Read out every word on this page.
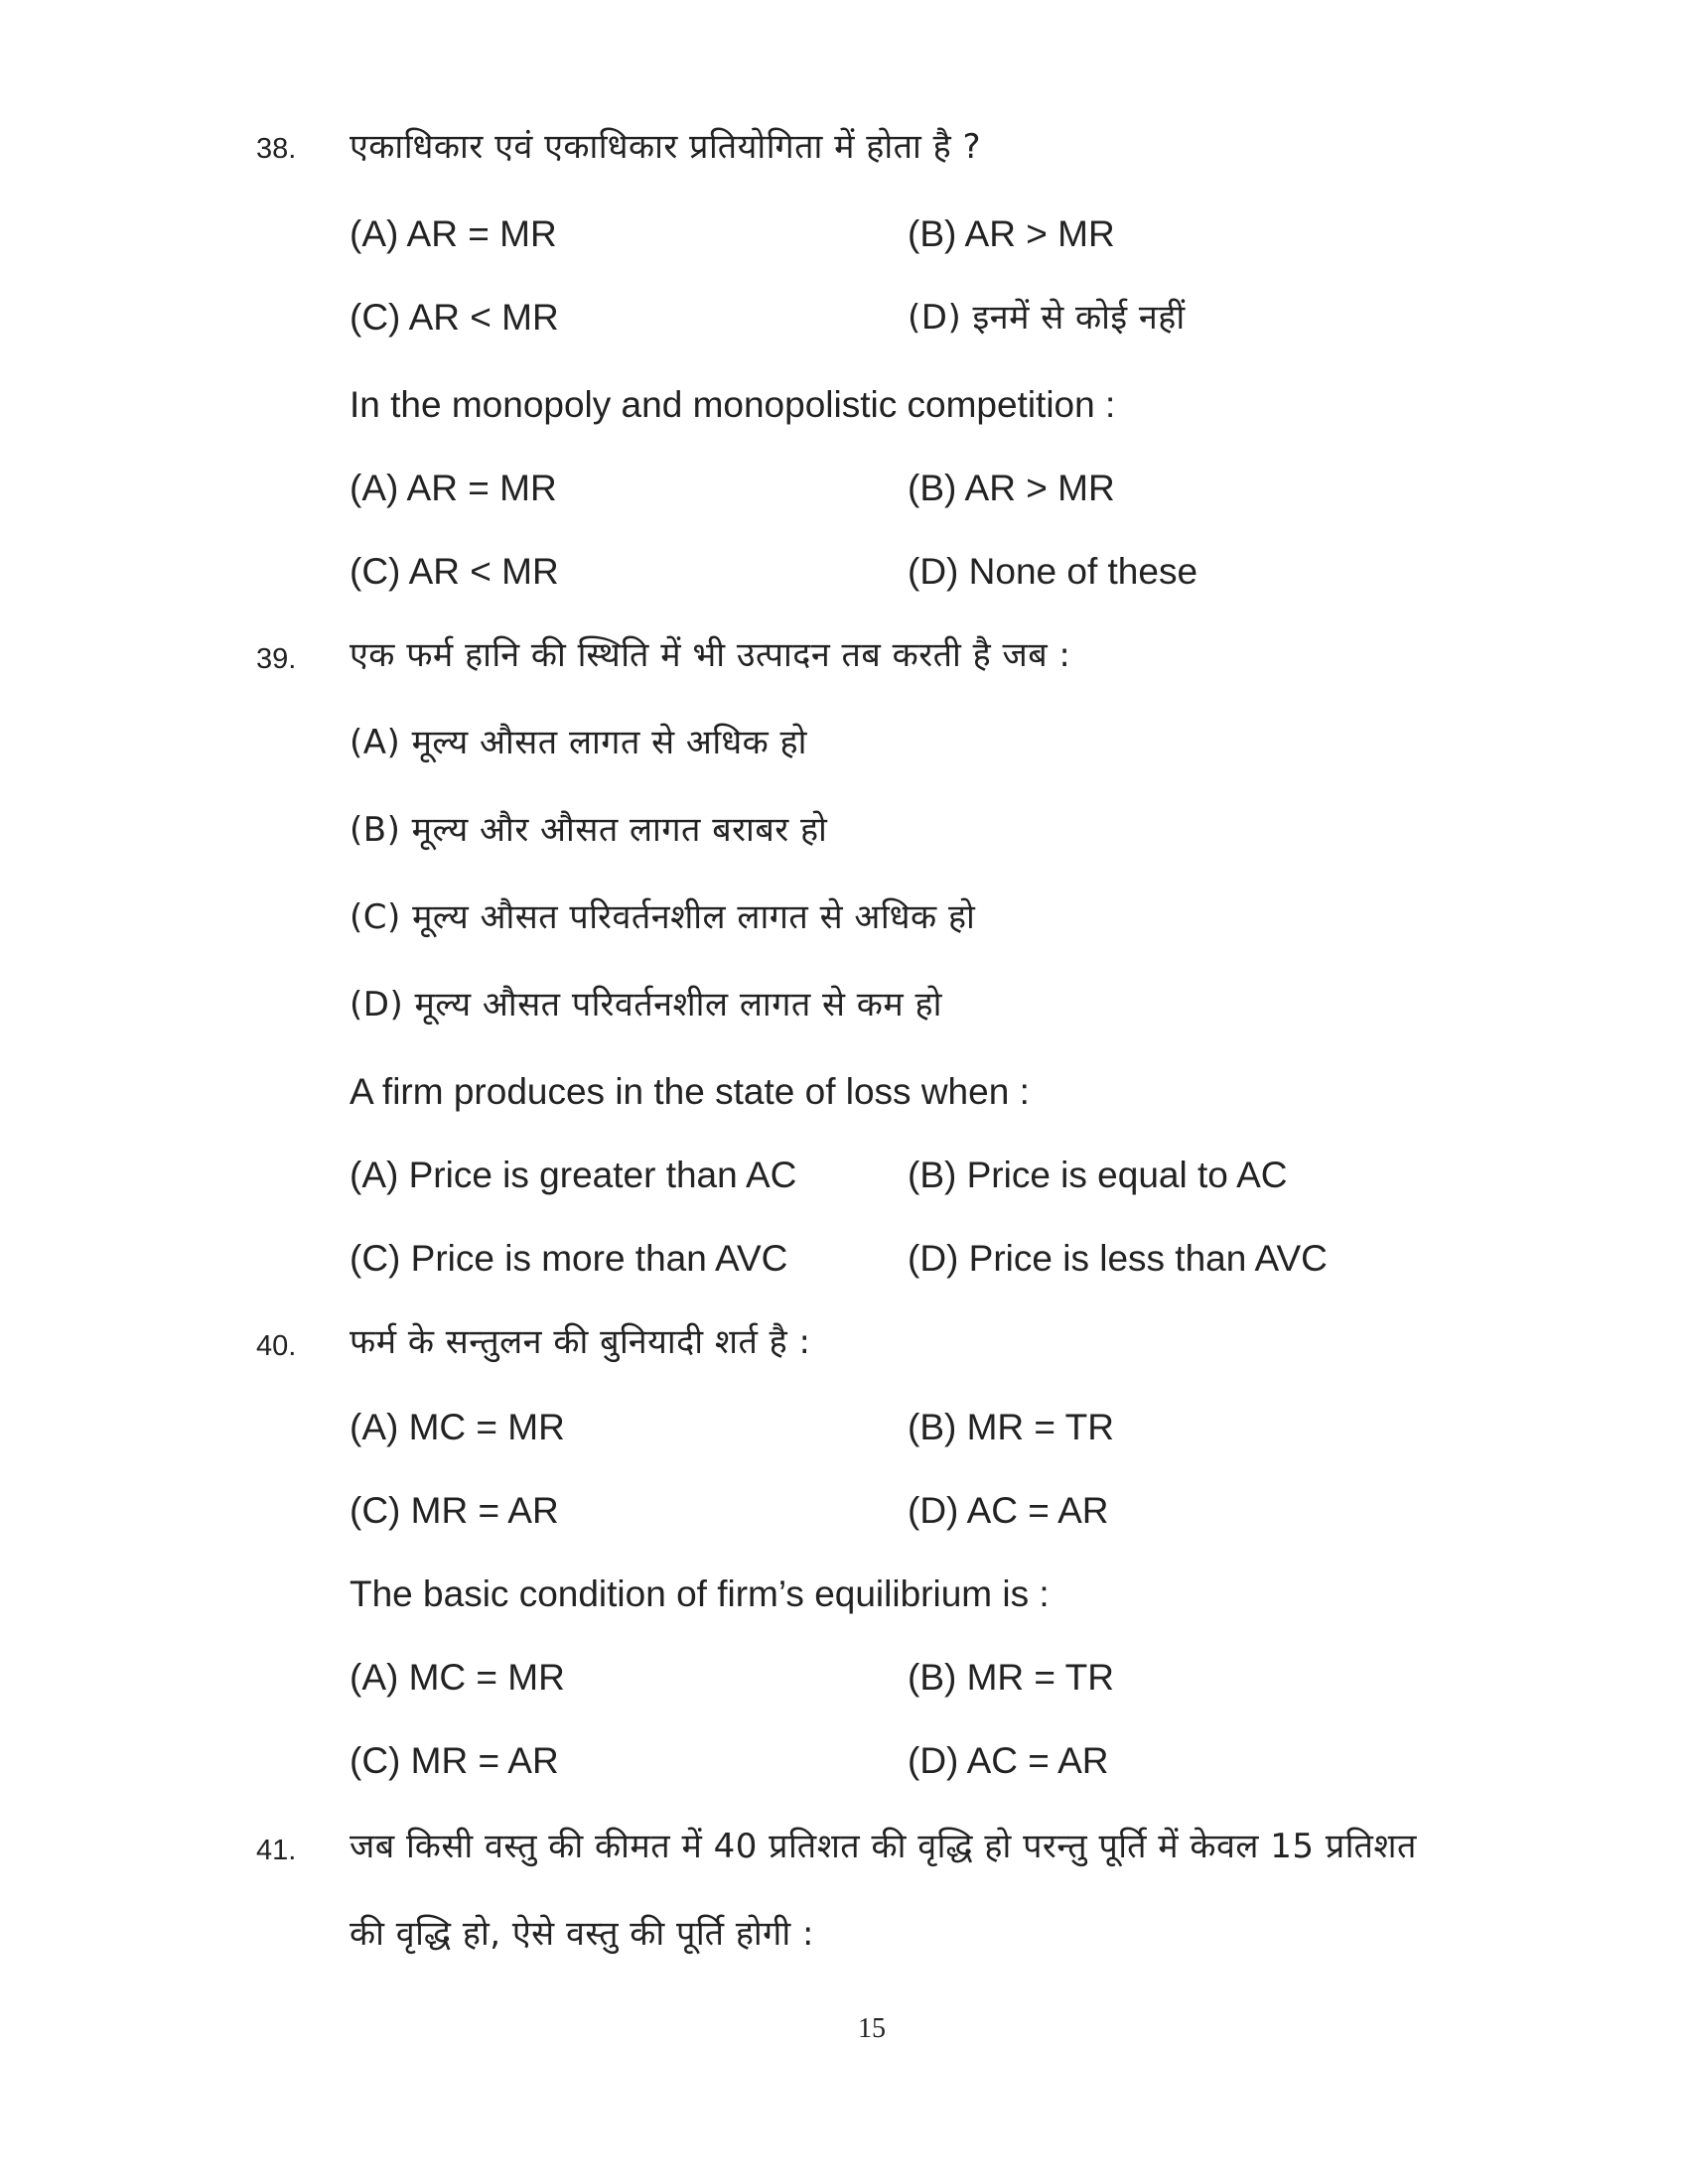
38. एकाधिकार एवं एकाधिकार प्रतियोगिता में होता है ?
(A) AR = MR	(B) AR > MR
(C) AR < MR	(D) इनमें से कोई नहीं
In the monopoly and monopolistic competition :
(A) AR = MR	(B) AR > MR
(C) AR < MR	(D) None of these
39. एक फर्म हानि की स्थिति में भी उत्पादन तब करती है जब :
(A) मूल्य औसत लागत से अधिक हो
(B) मूल्य और औसत लागत बराबर हो
(C) मूल्य औसत परिवर्तनशील लागत से अधिक हो
(D) मूल्य औसत परिवर्तनशील लागत से कम हो
A firm produces in the state of loss when :
(A) Price is greater than AC	(B) Price is equal to AC
(C) Price is more than AVC	(D) Price is less than AVC
40. फर्म के सन्तुलन की बुनियादी शर्त है :
(A) MC = MR	(B) MR = TR
(C) MR = AR	(D) AC = AR
The basic condition of firm’s equilibrium is :
(A) MC = MR	(B) MR = TR
(C) MR = AR	(D) AC = AR
41. जब किसी वस्तु की कीमत में 40 प्रतिशत की वृद्धि हो परन्तु पूर्ति में केवल 15 प्रतिशत
की वृद्धि हो, ऐसे वस्तु की पूर्ति होगी :
15
